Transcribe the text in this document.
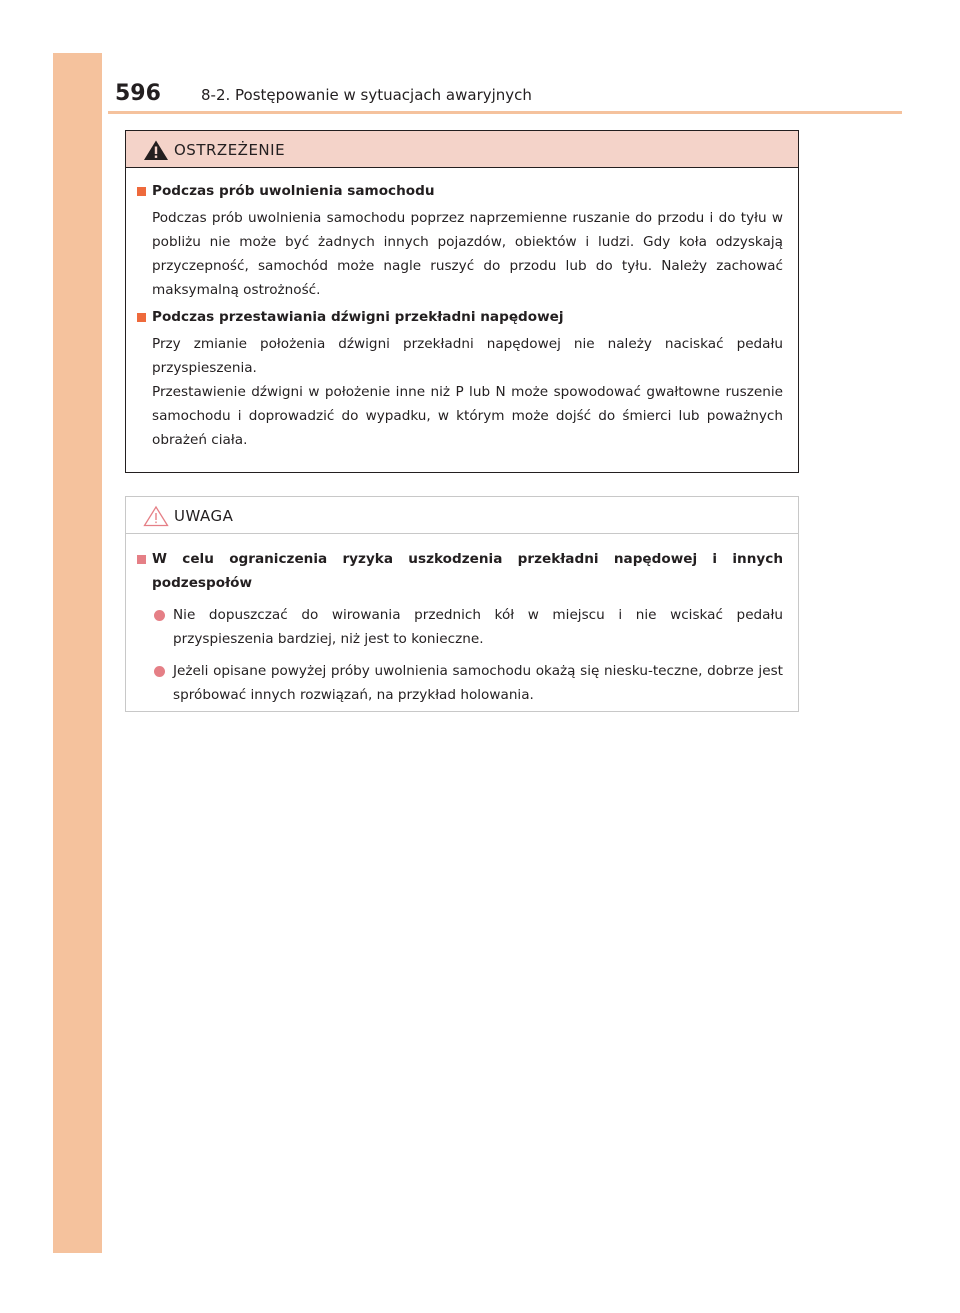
596	8-2. Postępowanie w sytuacjach awaryjnych
OSTRZEŻENIE
Podczas prób uwolnienia samochodu
Podczas prób uwolnienia samochodu poprzez naprzemienne ruszanie do przodu i do tyłu w pobliżu nie może być żadnych innych pojazdów, obiektów i ludzi. Gdy koła odzyskają przyczepność, samochód może nagle ruszyć do przodu lub do tyłu. Należy zachować maksymalną ostrożność.
Podczas przestawiania dźwigni przekładni napędowej
Przy zmianie położenia dźwigni przekładni napędowej nie należy naciskać pedału przyspieszenia.
Przestawienie dźwigni w położenie inne niż P lub N może spowodować gwałtowne ruszenie samochodu i doprowadzić do wypadku, w którym może dojść do śmierci lub poważnych obrażeń ciała.
UWAGA
W celu ograniczenia ryzyka uszkodzenia przekładni napędowej i innych podzespołów
Nie dopuszczać do wirowania przednich kół w miejscu i nie wciskać pedału przyspieszenia bardziej, niż jest to konieczne.
Jeżeli opisane powyżej próby uwolnienia samochodu okażą się niesku-teczne, dobrze jest spróbować innych rozwiązań, na przykład holowania.
